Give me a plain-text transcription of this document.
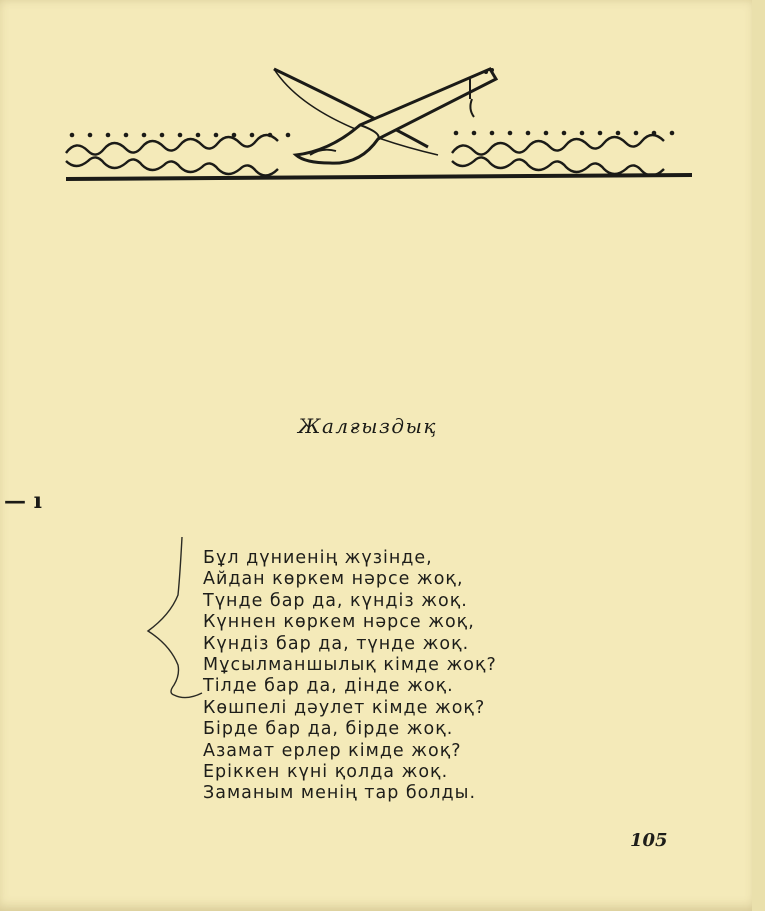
Жалғыздық
— ı
Бұл дүниенің жүзінде,
Айдан көркем нәрсе жоқ,
Түнде бар да, күндіз жоқ.
Күннен көркем нәрсе жоқ,
Күндіз бар да, түнде жоқ.
Мұсылманшылық кімде жоқ?
Тілде бар да, дінде жоқ.
Көшпелі дәулет кімде жоқ?
Бірде бар да, бірде жоқ.
Азамат ерлер кімде жоқ?
Еріккен күні қолда жоқ.
Заманым менің тар болды.
105
